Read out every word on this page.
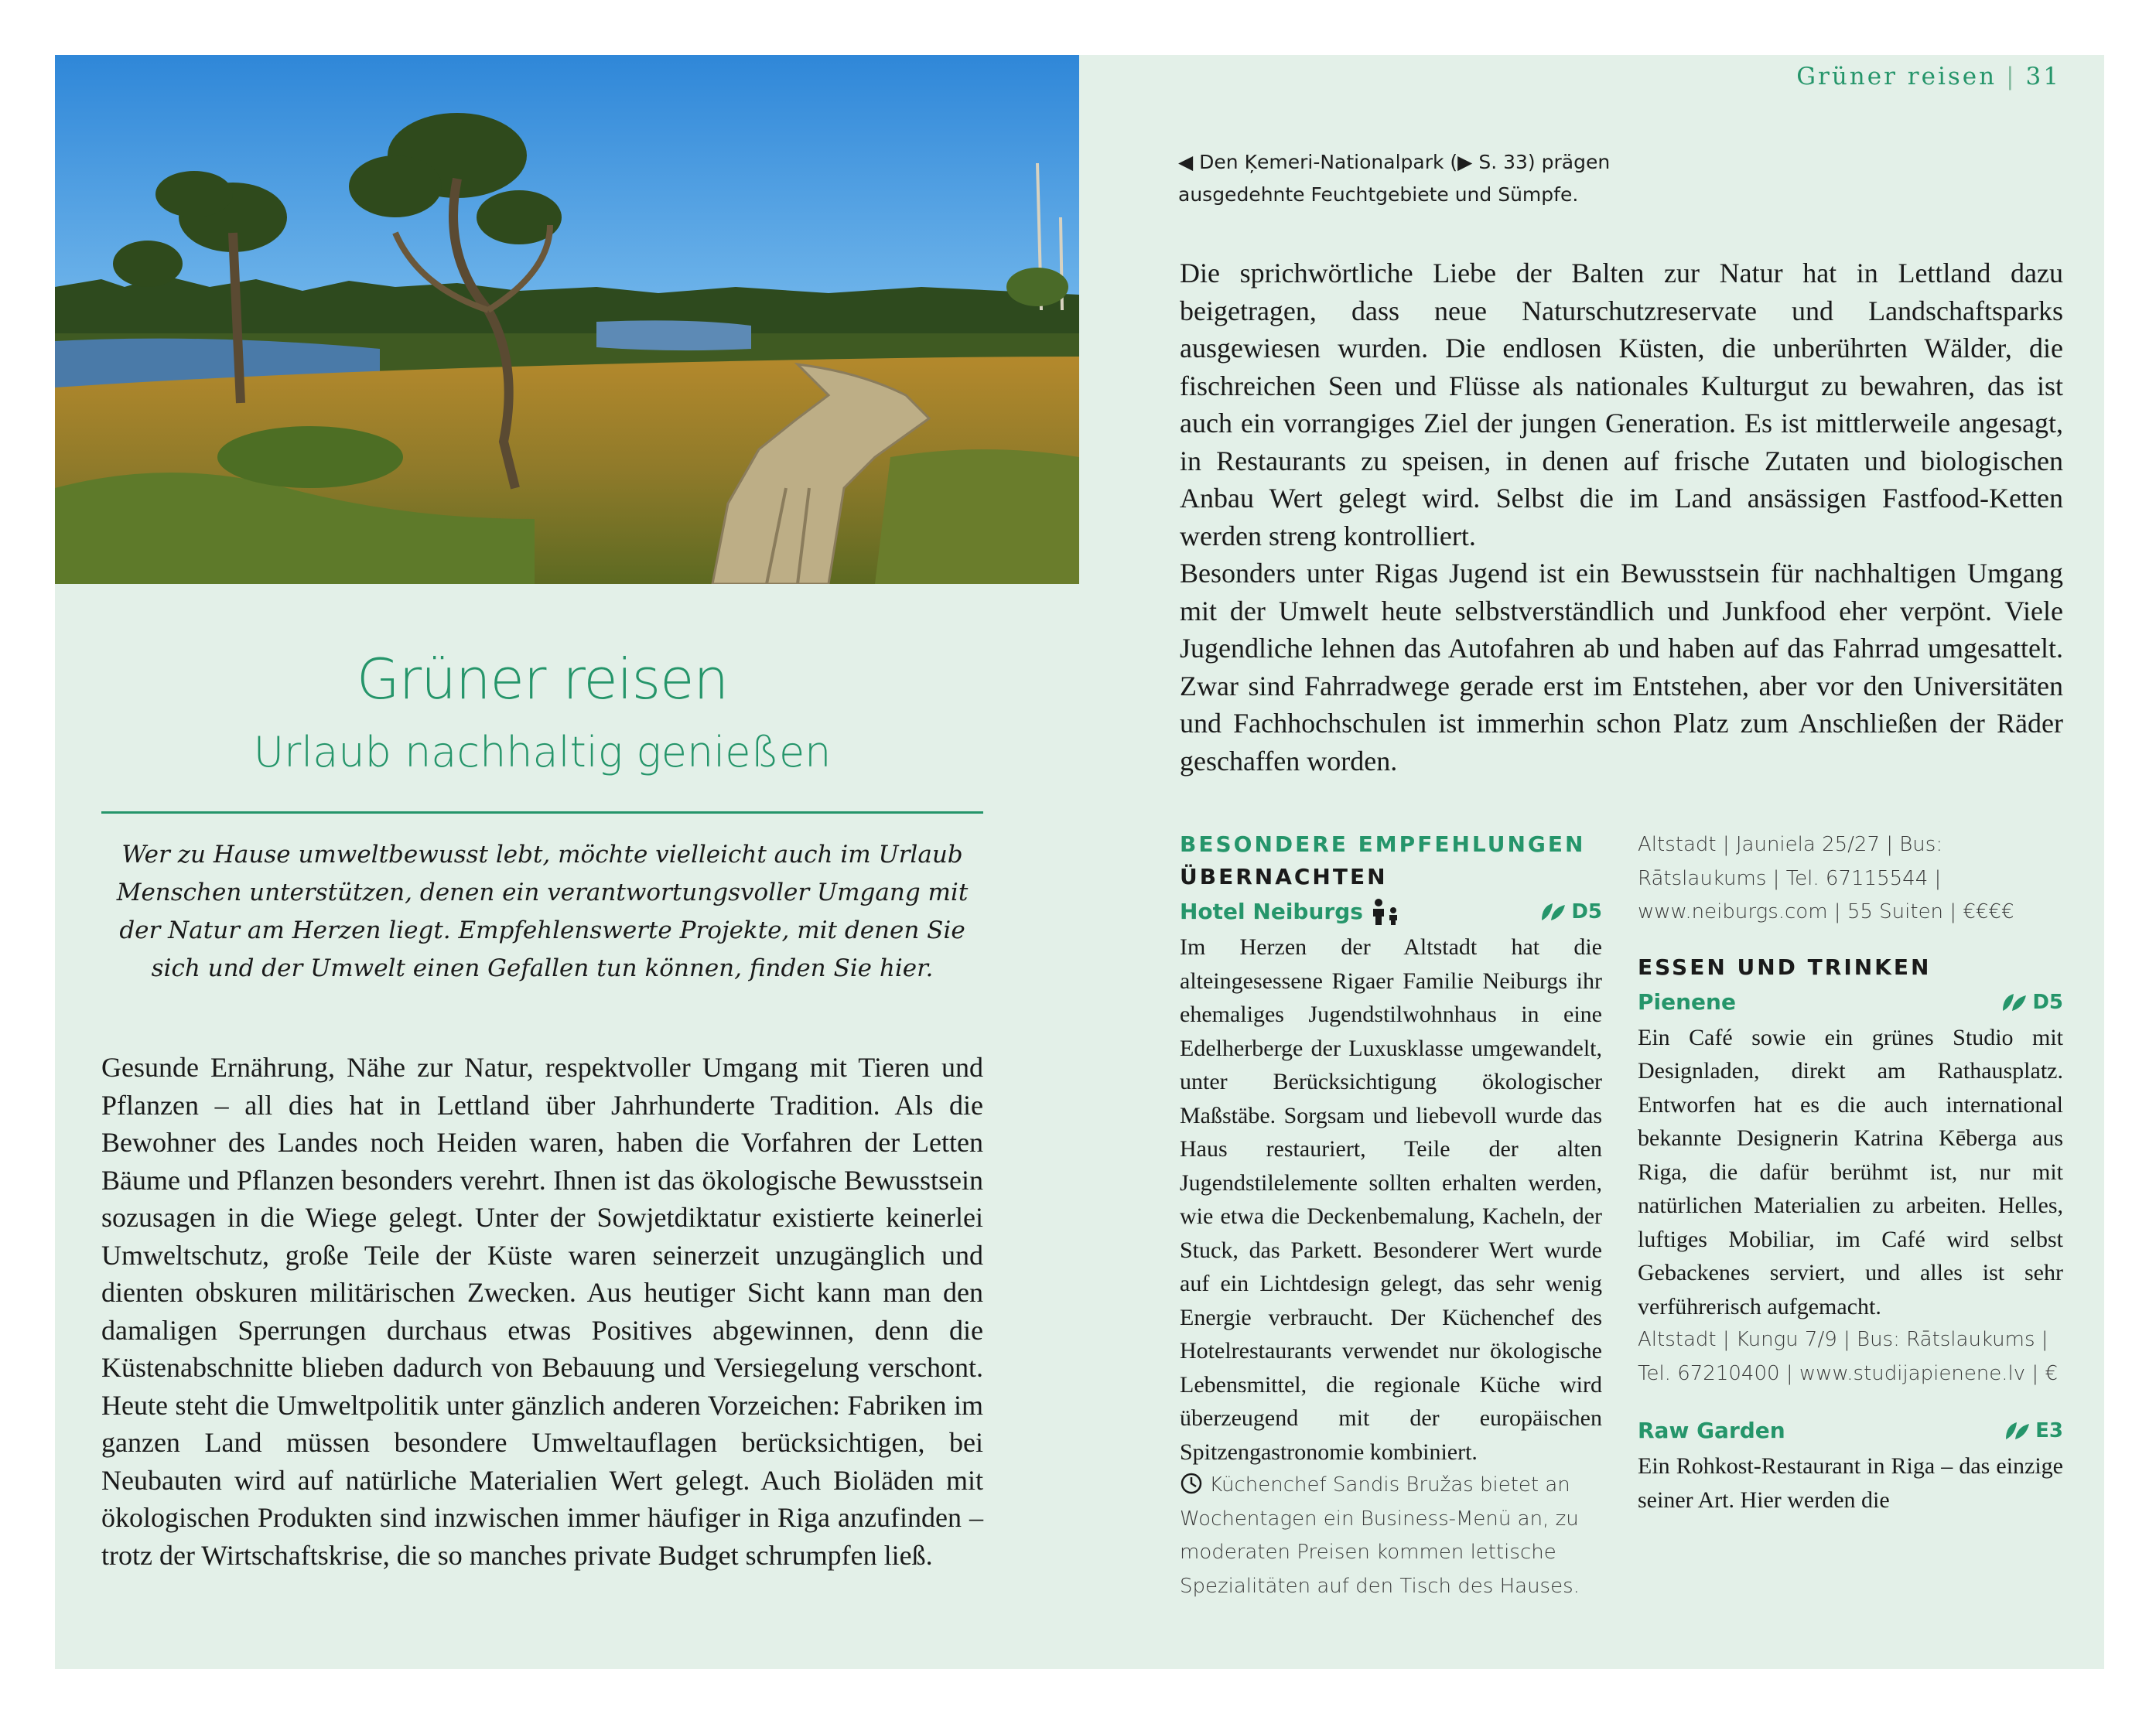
Grüner reisen | 31
◀ Den Ķemeri-Nationalpark (▶ S. 33) prägen
ausgedehnte Feuchtgebiete und Sümpfe.
Grüner reisen
Urlaub nachhaltig genießen
Wer zu Hause umweltbewusst lebt, möchte vielleicht auch im Urlaub Menschen unterstützen, denen ein verantwortungsvoller Umgang mit der Natur am Herzen liegt. Empfehlenswerte Projekte, mit denen Sie sich und der Umwelt einen Gefallen tun können, finden Sie hier.

Gesunde Ernährung, Nähe zur Natur, respektvoller Umgang mit Tieren und Pflanzen – all dies hat in Lettland über Jahrhunderte Tradition. Als die Bewohner des Landes noch Heiden waren, haben die Vorfahren der Letten Bäume und Pflanzen besonders verehrt. Ihnen ist das ökologische Bewusstsein sozusagen in die Wiege gelegt. Unter der Sowjetdiktatur existierte keinerlei Umweltschutz, große Teile der Küste waren seinerzeit unzugänglich und dienten obskuren militärischen Zwecken. Aus heutiger Sicht kann man den damaligen Sperrungen durchaus etwas Positives abgewinnen, denn die Küstenabschnitte blieben dadurch von Bebauung und Versiegelung verschont. Heute steht die Umweltpolitik unter gänzlich anderen Vorzeichen: Fabriken im ganzen Land müssen besondere Umweltauflagen berücksichtigen, bei Neubauten wird auf natürliche Materialien Wert gelegt. Auch Bioläden mit ökologischen Produkten sind inzwischen immer häufiger in Riga anzufinden – trotz der Wirtschaftskrise, die so manches private Budget schrumpfen ließ.

Die sprichwörtliche Liebe der Balten zur Natur hat in Lettland dazu beigetragen, dass neue Naturschutzreservate und Landschaftsparks ausgewiesen wurden. Die endlosen Küsten, die unberührten Wälder, die fischreichen Seen und Flüsse als nationales Kulturgut zu bewahren, das ist auch ein vorrangiges Ziel der jungen Generation. Es ist mittlerweile angesagt, in Restaurants zu speisen, in denen auf frische Zutaten und biologischen Anbau Wert gelegt wird. Selbst die im Land ansässigen Fastfood-Ketten werden streng kontrolliert.

Besonders unter Rigas Jugend ist ein Bewusstsein für nachhaltigen Umgang mit der Umwelt heute selbstverständlich und Junkfood eher verpönt. Viele Jugendliche lehnen das Autofahren ab und haben auf das Fahrrad umgesattelt. Zwar sind Fahrradwege gerade erst im Entstehen, aber vor den Universitäten und Fachhochschulen ist immerhin schon Platz zum Anschließen der Räder geschaffen worden.

BESONDERE EMPFEHLUNGEN
ÜBERNACHTEN
Hotel Neiburgs	D5

Im Herzen der Altstadt hat die alteingesessene Rigaer Familie Neiburgs ihr ehemaliges Jugendstilwohnhaus in eine Edelherberge der Luxusklasse umgewandelt, unter Berücksichtigung ökologischer Maßstäbe. Sorgsam und liebevoll wurde das Haus restauriert, Teile der alten Jugendstilelemente sollten erhalten werden, wie etwa die Deckenbemalung, Kacheln, der Stuck, das Parkett. Besonderer Wert wurde auf ein Lichtdesign gelegt, das sehr wenig Energie verbraucht. Der Küchenchef des Hotelrestaurants verwendet nur ökologische Lebensmittel, die regionale Küche wird überzeugend mit der europäischen Spitzengastronomie kombiniert.

Küchenchef Sandis Bružas bietet an Wochentagen ein Business-Menü an, zu moderaten Preisen kommen lettische Spezialitäten auf den Tisch des Hauses.

Altstadt | Jauniela 25/27 | Bus: Rātslaukums | Tel. 67115544 | www.neiburgs.com | 55 Suiten | €€€€

ESSEN UND TRINKEN
Pienene	D5

Ein Café sowie ein grünes Studio mit Designladen, direkt am Rathausplatz. Entworfen hat es die auch international bekannte Designerin Katrina Kēberga aus Riga, die dafür berühmt ist, nur mit natürlichen Materialien zu arbeiten. Helles, luftiges Mobiliar, im Café wird selbst Gebackenes serviert, und alles ist sehr verführerisch aufgemacht.

Altstadt | Kungu 7/9 | Bus: Rātslaukums | Tel. 67210400 | www.studijapienene.lv | €

Raw Garden	E3

Ein Rohkost-Restaurant in Riga – das einzige seiner Art. Hier werden die
